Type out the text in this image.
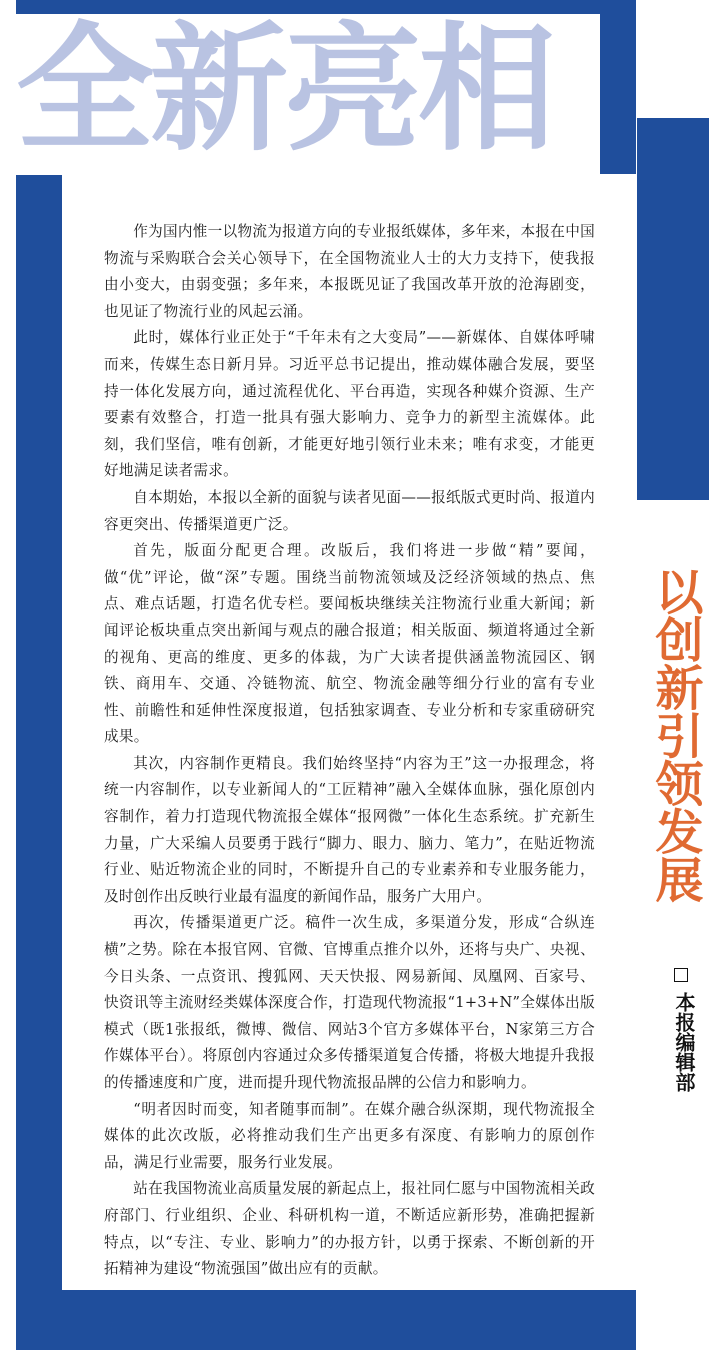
全新亮相

作为国内惟一以物流为报道方向的专业报纸媒体，多年来，本报在中国物流与采购联合会关心领导下，在全国物流业人士的大力支持下，使我报由小变大，由弱变强；多年来，本报既见证了我国改革开放的沧海剧变，也见证了物流行业的风起云涌。

此时，媒体行业正处于“千年未有之大变局”——新媒体、自媒体呼啸而来，传媒生态日新月异。习近平总书记提出，推动媒体融合发展，要坚持一体化发展方向，通过流程优化、平台再造，实现各种媒介资源、生产要素有效整合，打造一批具有强大影响力、竞争力的新型主流媒体。此刻，我们坚信，唯有创新，才能更好地引领行业未来；唯有求变，才能更好地满足读者需求。

自本期始，本报以全新的面貌与读者见面——报纸版式更时尚、报道内容更突出、传播渠道更广泛。

首先，版面分配更合理。改版后，我们将进一步做“精”要闻，做“优”评论，做“深”专题。围绕当前物流领域及泛经济领域的热点、焦点、难点话题，打造名优专栏。要闻板块继续关注物流行业重大新闻；新闻评论板块重点突出新闻与观点的融合报道；相关版面、频道将通过全新的视角、更高的维度、更多的体裁，为广大读者提供涵盖物流园区、钢铁、商用车、交通、冷链物流、航空、物流金融等细分行业的富有专业性、前瞻性和延伸性深度报道，包括独家调查、专业分析和专家重磅研究成果。

其次，内容制作更精良。我们始终坚持“内容为王”这一办报理念，将统一内容制作，以专业新闻人的“工匠精神”融入全媒体血脉，强化原创内容制作，着力打造现代物流报全媒体“报网微”一体化生态系统。扩充新生力量，广大采编人员要勇于践行“脚力、眼力、脑力、笔力”，在贴近物流行业、贴近物流企业的同时，不断提升自己的专业素养和专业服务能力，及时创作出反映行业最有温度的新闻作品，服务广大用户。

再次，传播渠道更广泛。稿件一次生成，多渠道分发，形成“合纵连横”之势。除在本报官网、官微、官博重点推介以外，还将与央广、央视、今日头条、一点资讯、搜狐网、天天快报、网易新闻、凤凰网、百家号、快资讯等主流财经类媒体深度合作，打造现代物流报“1+3+N”全媒体出版模式（既1张报纸，微博、微信、网站3个官方多媒体平台，N家第三方合作媒体平台）。将原创内容通过众多传播渠道复合传播，将极大地提升我报的传播速度和广度，进而提升现代物流报品牌的公信力和影响力。

“明者因时而变，知者随事而制”。在媒介融合纵深期，现代物流报全媒体的此次改版，必将推动我们生产出更多有深度、有影响力的原创作品，满足行业需要，服务行业发展。

站在我国物流业高质量发展的新起点上，报社同仁愿与中国物流相关政府部门、行业组织、企业、科研机构一道，不断适应新形势，准确把握新特点，以“专注、专业、影响力”的办报方针，以勇于探索、不断创新的开拓精神为建设“物流强国”做出应有的贡献。

以创新引领发展
本报编辑部
